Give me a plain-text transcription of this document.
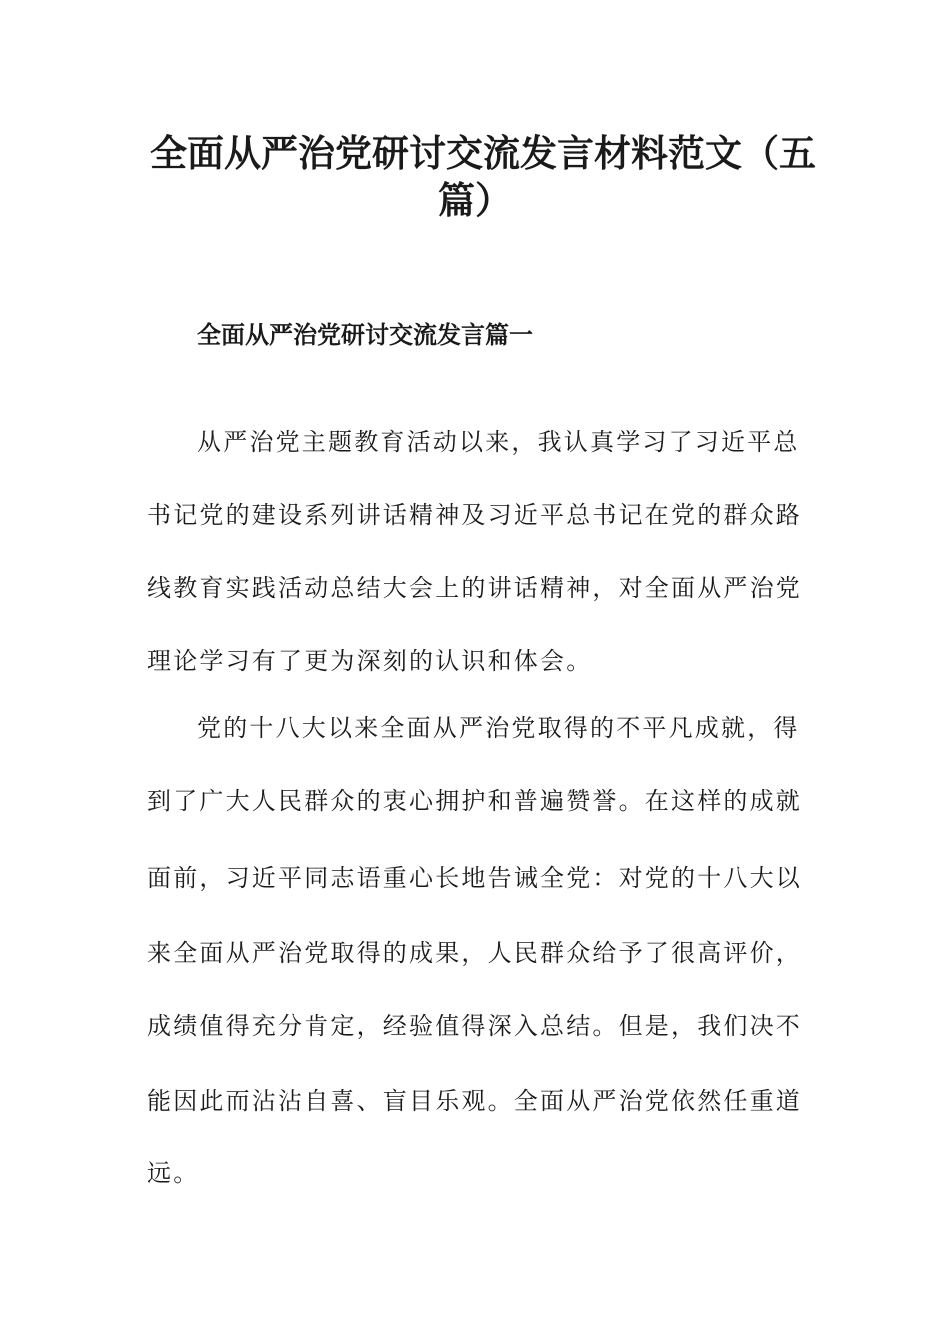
全面从严治党研讨交流发言材料范文（五
篇）
全面从严治党研讨交流发言篇一
从严治党主题教育活动以来，我认真学习了习近平总
书记党的建设系列讲话精神及习近平总书记在党的群众路
线教育实践活动总结大会上的讲话精神，对全面从严治党
理论学习有了更为深刻的认识和体会。
党的十八大以来全面从严治党取得的不平凡成就，得
到了广大人民群众的衷心拥护和普遍赞誉。在这样的成就
面前，习近平同志语重心长地告诫全党：对党的十八大以
来全面从严治党取得的成果，人民群众给予了很高评价，
成绩值得充分肯定，经验值得深入总结。但是，我们决不
能因此而沾沾自喜、盲目乐观。全面从严治党依然任重道
远。
